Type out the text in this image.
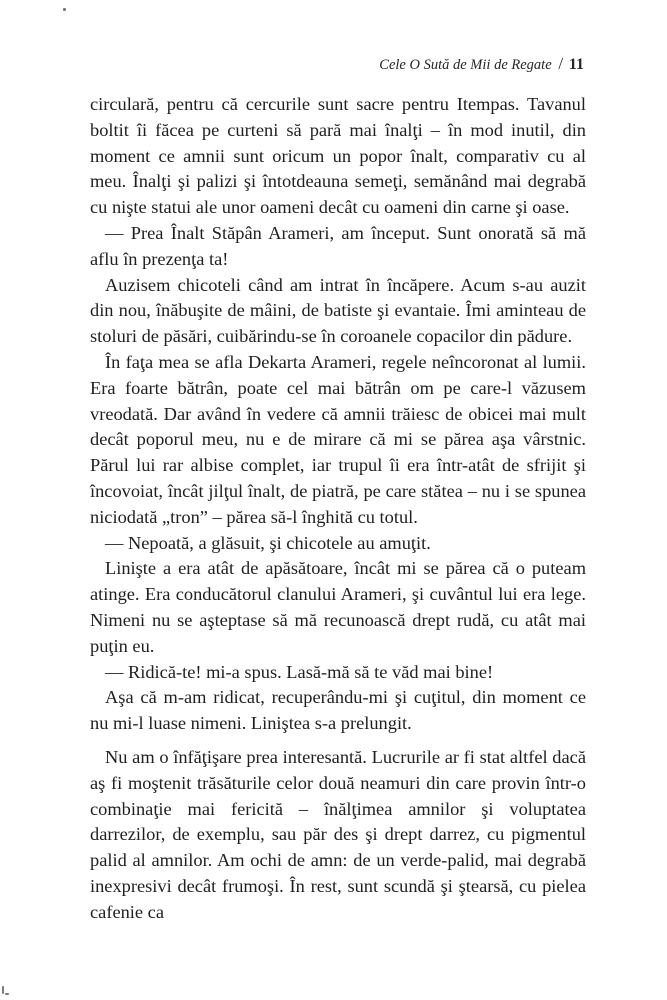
Cele O Sută de Mii de Regate / 11

circulară, pentru că cercurile sunt sacre pentru Itempas. Tavanul boltit îi făcea pe curteni să pară mai înalţi – în mod inutil, din moment ce amnii sunt oricum un popor înalt, comparativ cu al meu. Înalţi şi palizi şi întotdeauna semeţi, semănând mai degrabă cu nişte statui ale unor oameni decât cu oameni din carne şi oase.

— Prea Înalt Stăpân Arameri, am început. Sunt onorată să mă aflu în prezenţa ta!

Auzisem chicoteli când am intrat în încăpere. Acum s-au auzit din nou, înăbuşite de mâini, de batiste şi evantaie. Îmi aminteau de stoluri de păsări, cuibărindu-se în coroanele copacilor din pădure.

În faţa mea se afla Dekarta Arameri, regele neîncoronat al lumii. Era foarte bătrân, poate cel mai bătrân om pe care-l văzusem vreodată. Dar având în vedere că amnii trăiesc de obicei mai mult decât poporul meu, nu e de mirare că mi se părea aşa vârstnic. Părul lui rar albise complet, iar trupul îi era într-atât de sfrijit şi încovoiat, încât jilţul înalt, de piatră, pe care stătea – nu i se spunea niciodată „tron” – părea să-l înghită cu totul.

— Nepoată, a glăsuit, şi chicotele au amuţit.

Linişte a era atât de apăsătoare, încât mi se părea că o puteam atinge. Era conducătorul clanului Arameri, şi cuvântul lui era lege. Nimeni nu se aşteptase să mă recunoască drept rudă, cu atât mai puţin eu.

— Ridică-te! mi-a spus. Lasă-mă să te văd mai bine!

Aşa că m-am ridicat, recuperându-mi şi cuţitul, din moment ce nu mi-l luase nimeni. Liniştea s-a prelungit.

Nu am o înfăţişare prea interesantă. Lucrurile ar fi stat altfel dacă aş fi moştenit trăsăturile celor două neamuri din care provin într-o combinaţie mai fericită – înălţimea amnilor şi voluptatea darrezilor, de exemplu, sau păr des şi drept darrez, cu pigmentul palid al amnilor. Am ochi de amn: de un verde-palid, mai degrabă inexpresivi decât frumoşi. În rest, sunt scundă şi ştearsă, cu pielea cafenie ca
